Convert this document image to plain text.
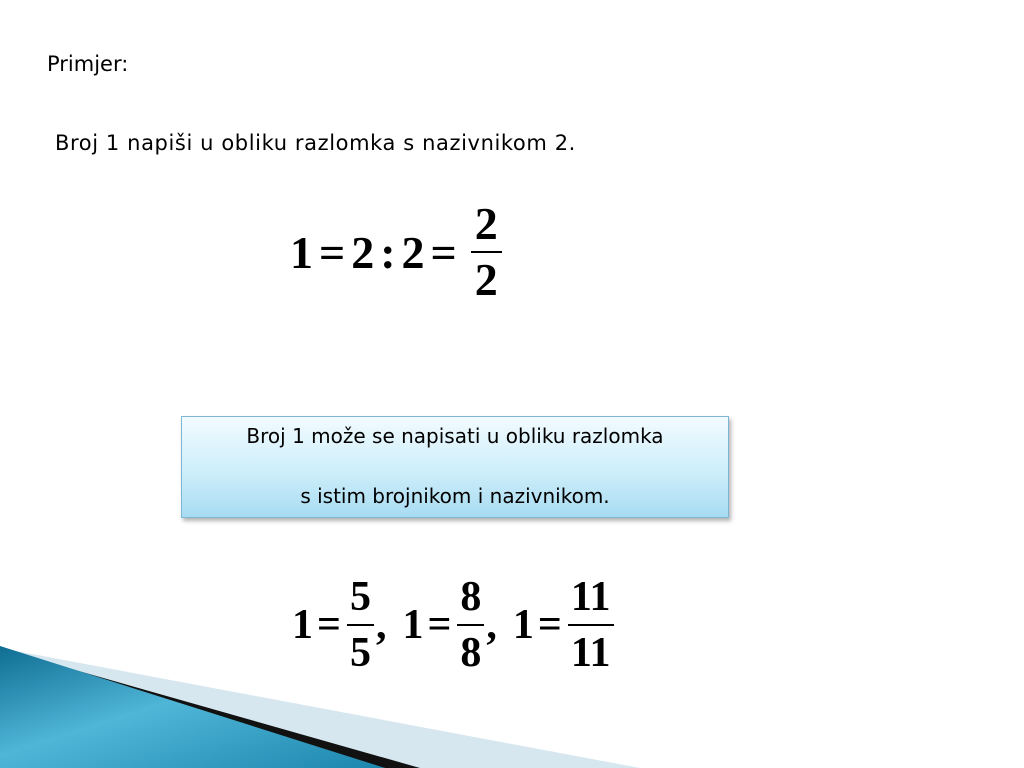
Primjer:
Broj 1 napiši u obliku razlomka s nazivnikom 2.
1 = 2 : $2 = \frac{2}{2}$
Broj 1 može se napisati u obliku razlomka
s istim brojnikom i nazivnikom.
$1 = \frac{5}{5}$ , $1 = \frac{8}{8}$ , $1 = \frac{11}{11}$
